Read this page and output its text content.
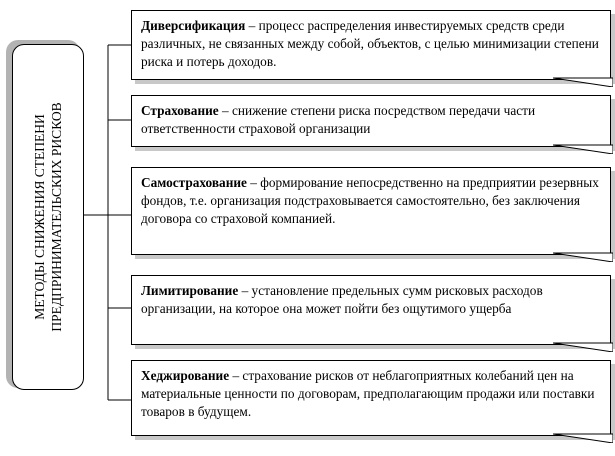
МЕТОДЫ СНИЖЕНИЯ СТЕПЕНИ ПРЕДПРИНИМАТЕЛЬСКИХ РИСКОВ
Диверсификация – процесс распределения инвестируемых средств среди различных, не связанных между собой, объектов, с целью минимизации степени риска и потерь доходов.
Страхование – снижение степени риска посредством передачи части ответственности страховой организации
Самострахование – формирование непосредственно на предприятии резервных фондов, т.е. организация подстраховывается самостоятельно, без заключения договора со страховой компанией.
Лимитирование – установление предельных сумм рисковых расходов организации, на которое она может пойти без ощутимого ущерба
Хеджирование – страхование рисков от неблагоприятных колебаний цен на материальные ценности по договорам, предполагающим продажи или поставки товаров в будущем.
